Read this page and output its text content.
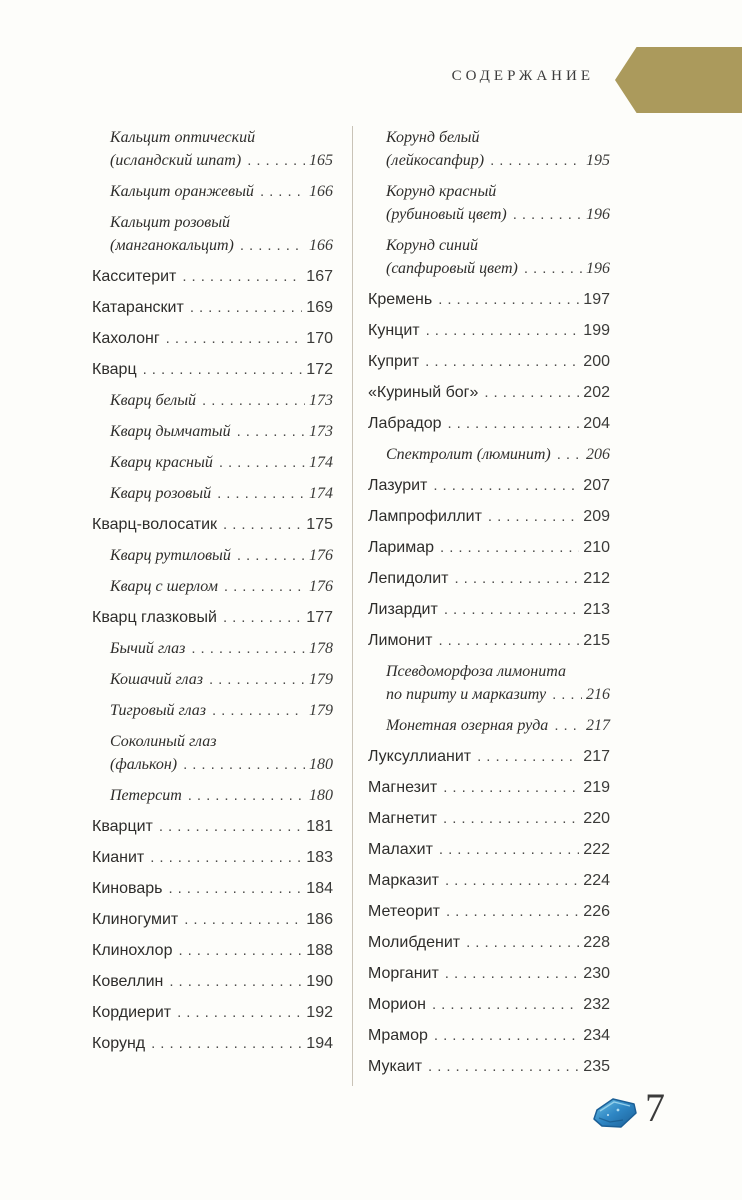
СОДЕРЖАНИЕ
Кальцит оптический
(исландский шпат) .....	165
Кальцит оранжевый .....	166
Кальцит розовый
(манганокальцит) .....	166
Касситерит .....	167
Катаранскит .....	169
Кахолонг .....	170
Кварц .....	172
Кварц белый .....	173
Кварц дымчатый .....	173
Кварц красный .....	174
Кварц розовый .....	174
Кварц-волосатик .....	175
Кварц рутиловый .....	176
Кварц с шерлом .....	176
Кварц глазковый .....	177
Бычий глаз .....	178
Кошачий глаз .....	179
Тигровый глаз .....	179
Соколиный глаз
(фалькон) .....	180
Петерсит .....	180
Кварцит .....	181
Кианит .....	183
Киноварь .....	184
Клиногумит .....	186
Клинохлор .....	188
Ковеллин .....	190
Кордиерит .....	192
Корунд .....	194
Корунд белый
(лейкосапфир) .....	195
Корунд красный
(рубиновый цвет) .....	196
Корунд синий
(сапфировый цвет) .....	196
Кремень .....	197
Кунцит .....	199
Куприт .....	200
«Куриный бог» .....	202
Лабрадор .....	204
Спектролит (люминит) ..... 206
Лазурит .....	207
Лампрофиллит .....	209
Ларимар .....	210
Лепидолит .....	212
Лизардит .....	213
Лимонит .....	215
Псевдоморфоза лимонита
по пириту и марказиту ..... 216
Монетная озерная руда ..... 217
Луксуллианит .....	217
Магнезит .....	219
Магнетит .....	220
Малахит .....	222
Марказит .....	224
Метеорит .....	226
Молибденит .....	228
Морганит .....	230
Морион .....	232
Мрамор .....	234
Мукаит .....	235
7
